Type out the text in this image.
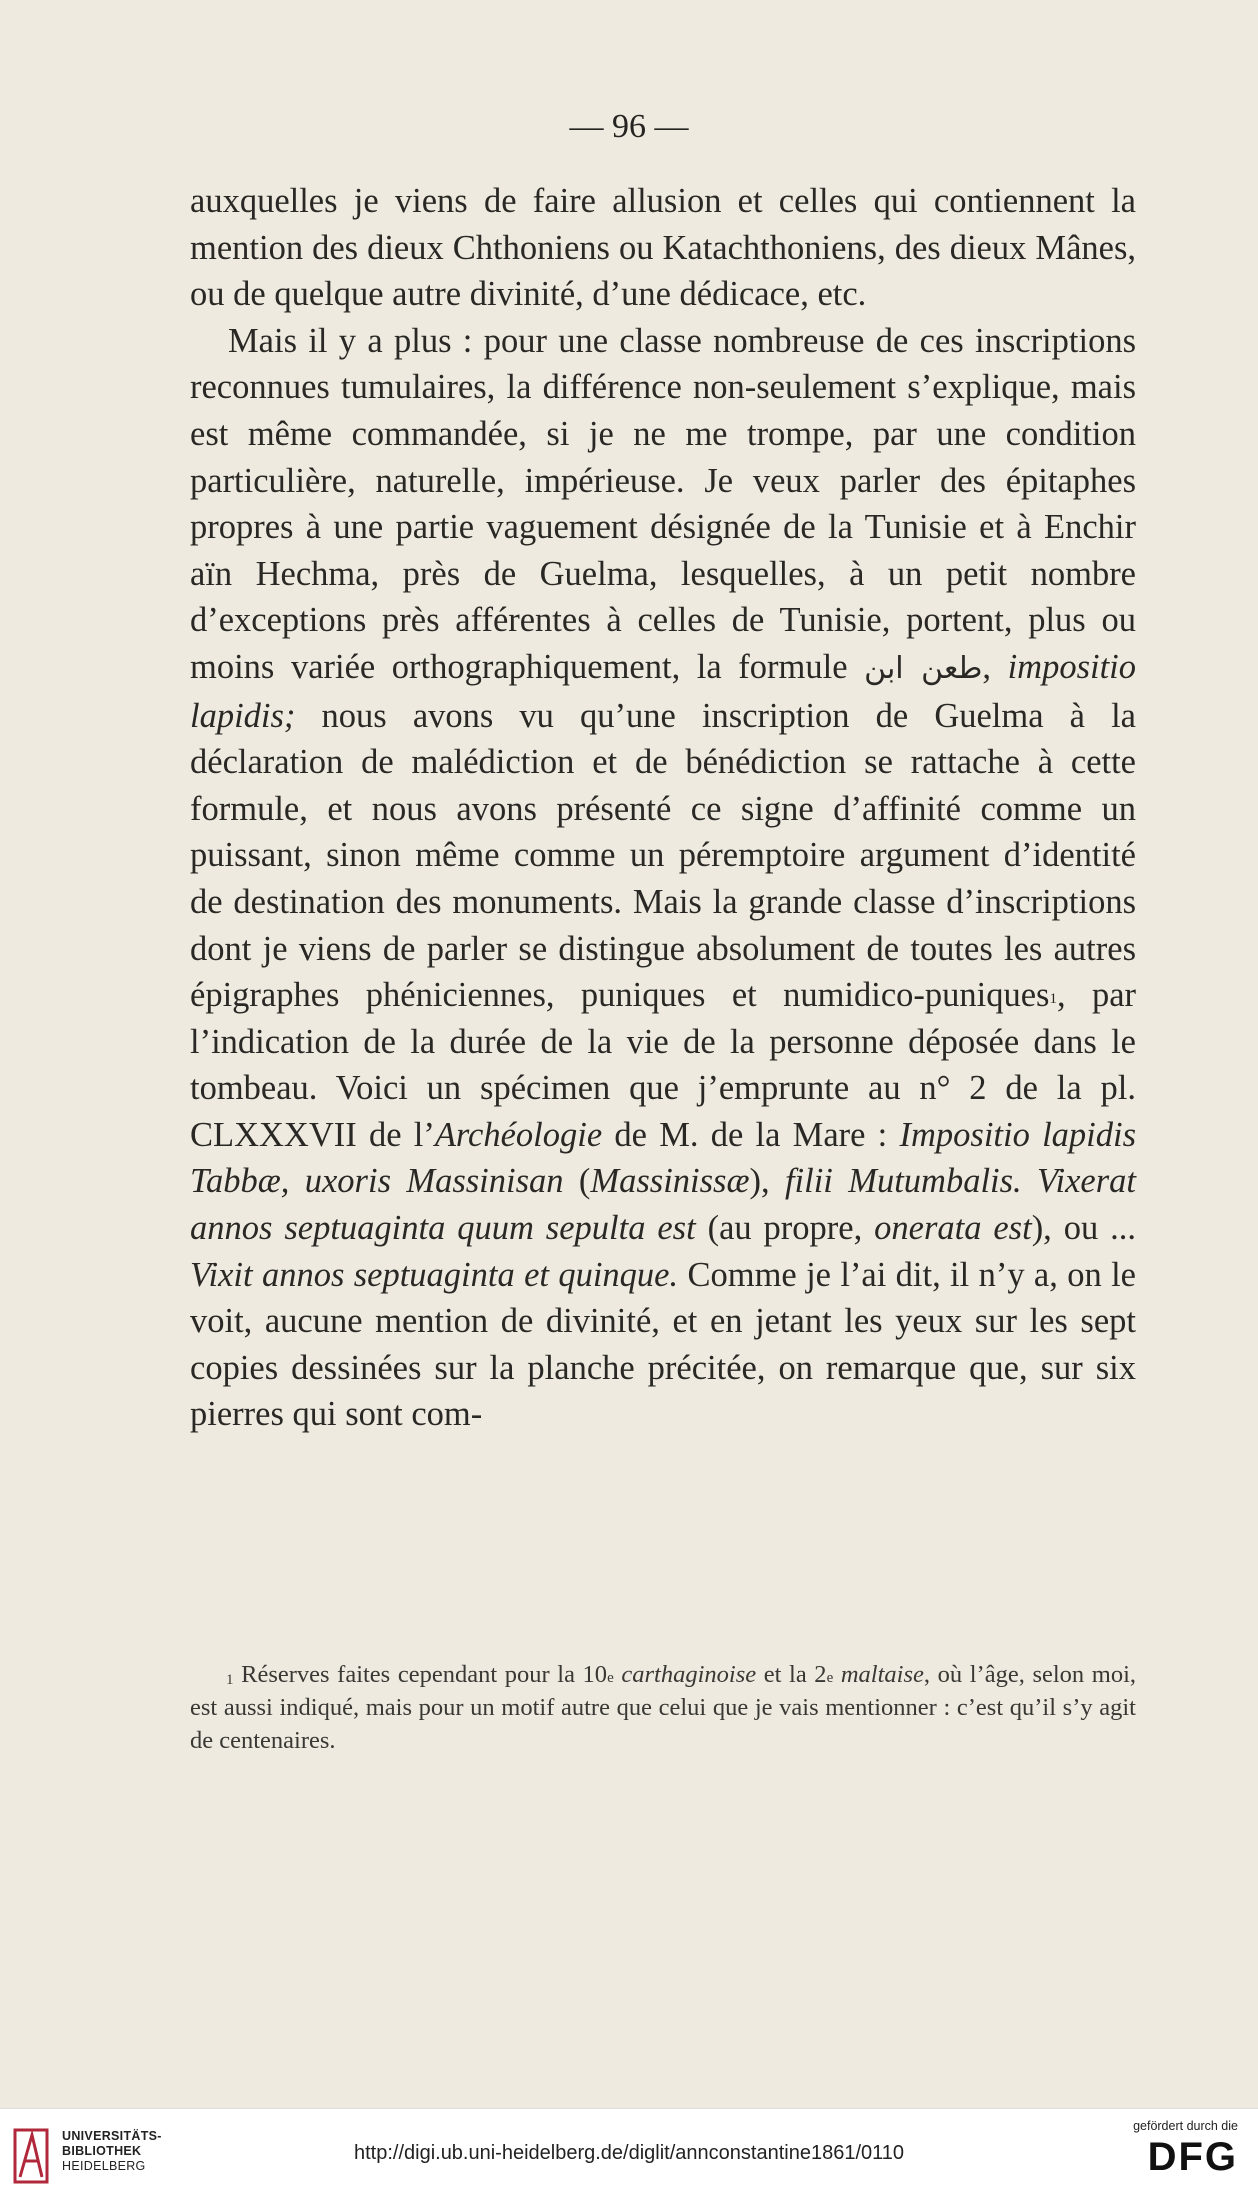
— 96 —

auxquelles je viens de faire allusion et celles qui contiennent la mention des dieux Chthoniens ou Katachthoniens, des dieux Mânes, ou de quelque autre divinité, d’une dédicace, etc.

Mais il y a plus : pour une classe nombreuse de ces inscriptions reconnues tumulaires, la différence non-seulement s’explique, mais est même commandée, si je ne me trompe, par une condition particulière, naturelle, impérieuse. Je veux parler des épitaphes propres à une partie vaguement désignée de la Tunisie et à Enchir aïn Hechma, près de Guelma, lesquelles, à un petit nombre d’exceptions près afférentes à celles de Tunisie, portent, plus ou moins variée orthographiquement, la formule طعن ابن, impositio lapidis; nous avons vu qu’une inscription de Guelma à la déclaration de malédiction et de bénédiction se rattache à cette formule, et nous avons présenté ce signe d’affinité comme un puissant, sinon même comme un péremptoire argument d’identité de destination des monuments. Mais la grande classe d’inscriptions dont je viens de parler se distingue absolument de toutes les autres épigraphes phéniciennes, puniques et numidico-puniques$^1$, par l’indication de la durée de la vie de la personne déposée dans le tombeau. Voici un spécimen que j’emprunte au n° 2 de la pl. CLXXXVII de l’Archéologie de M. de la Mare : Impositio lapidis Tabbæ, uxoris Massinisan (Massinissæ), filii Mutumbalis. Vixerat annos septuaginta quum sepulta est (au propre, onerata est), ou ... Vixit annos septuaginta et quinque. Comme je l’ai dit, il n’y a, on le voit, aucune mention de divinité, et en jetant les yeux sur les sept copies dessinées sur la planche précitée, on remarque que, sur six pierres qui sont com-

$^1$ Réserves faites cependant pour la 10e carthaginoise et la 2e maltaise, où l’âge, selon moi, est aussi indiqué, mais pour un motif autre que celui que je vais mentionner : c’est qu’il s’y agit de centenaires.

UNIVERSITÄTS-
BIBLIOTHEK
HEIDELBERG
http://digi.ub.uni-heidelberg.de/diglit/annconstantine1861/0110
gefördert durch die
DFG
